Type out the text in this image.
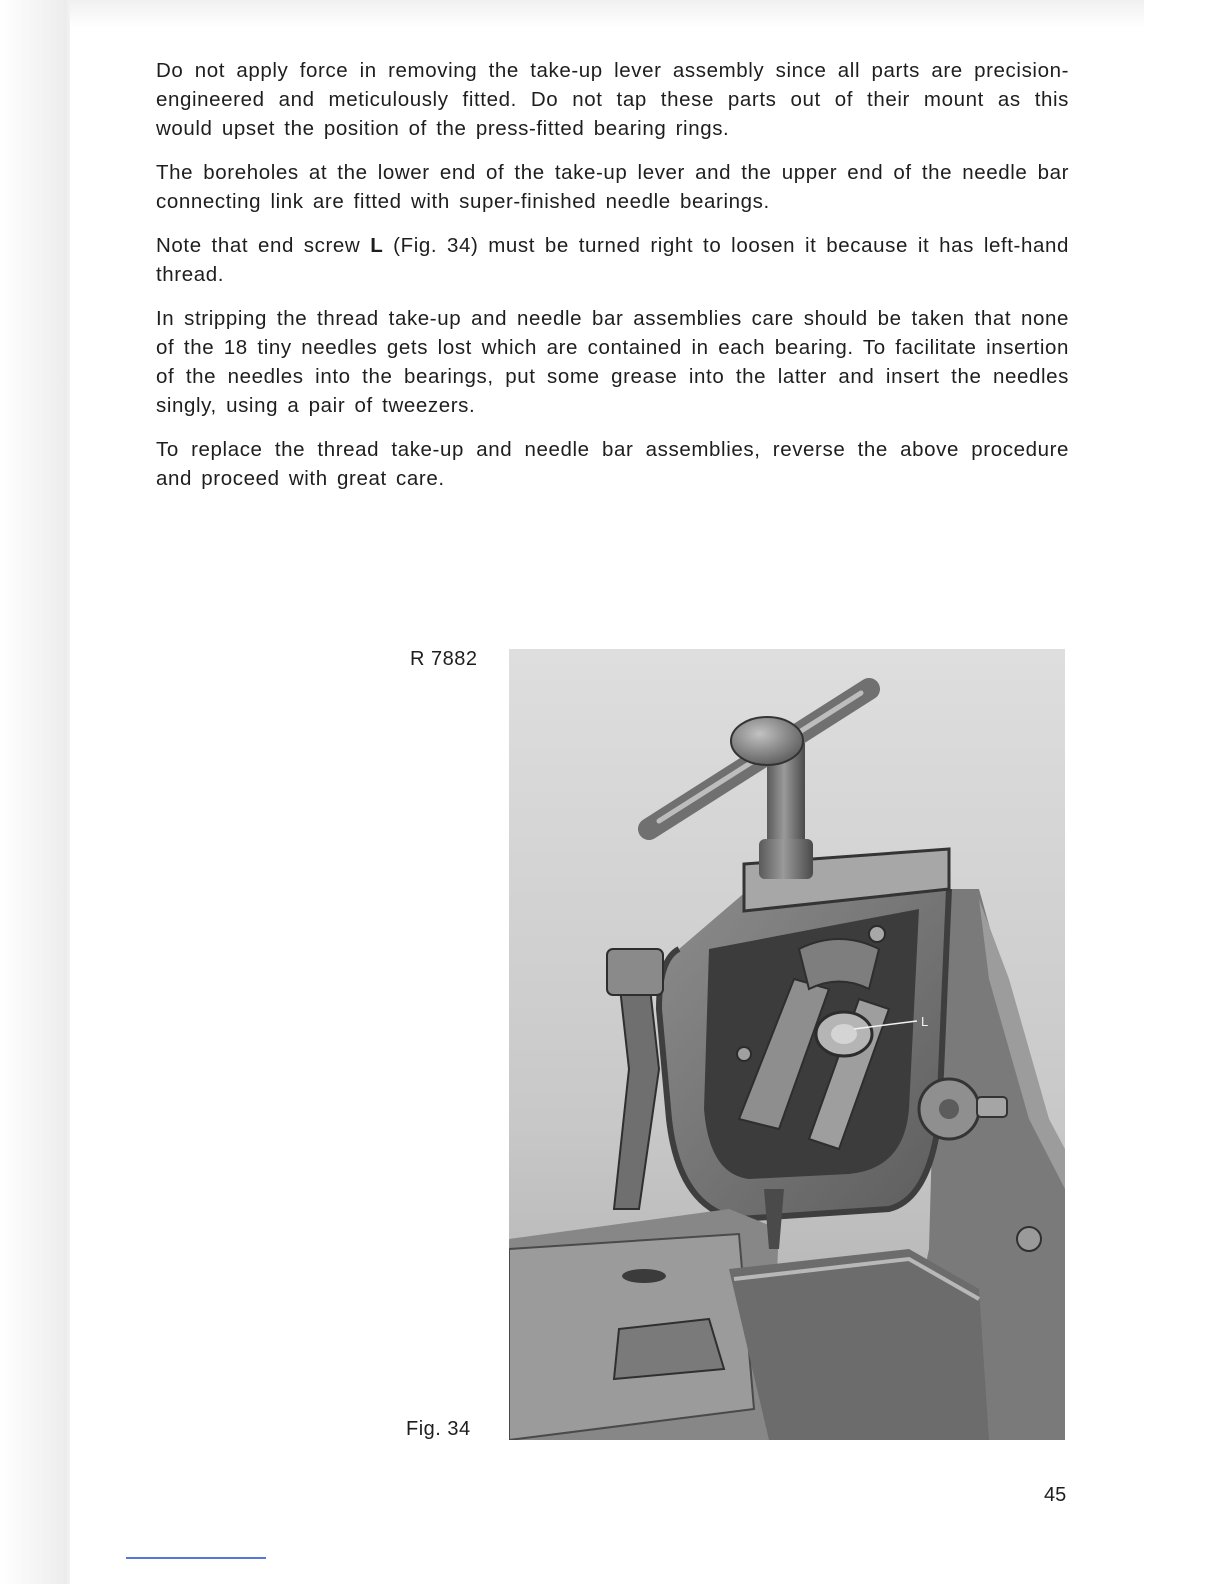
Do not apply force in removing the take-up lever assembly since all parts are precision-engineered and meticulously fitted. Do not tap these parts out of their mount as this would upset the position of the press-fitted bearing rings.

The boreholes at the lower end of the take-up lever and the upper end of the needle bar connecting link are fitted with super-finished needle bearings.

Note that end screw L (Fig. 34) must be turned right to loosen it because it has left-hand thread.

In stripping the thread take-up and needle bar assemblies care should be taken that none of the 18 tiny needles gets lost which are contained in each bearing. To facilitate insertion of the needles into the bearings, put some grease into the latter and insert the needles singly, using a pair of tweezers.

To replace the thread take-up and needle bar assemblies, reverse the above procedure and proceed with great care.

R 7882
Fig. 34
L
45
